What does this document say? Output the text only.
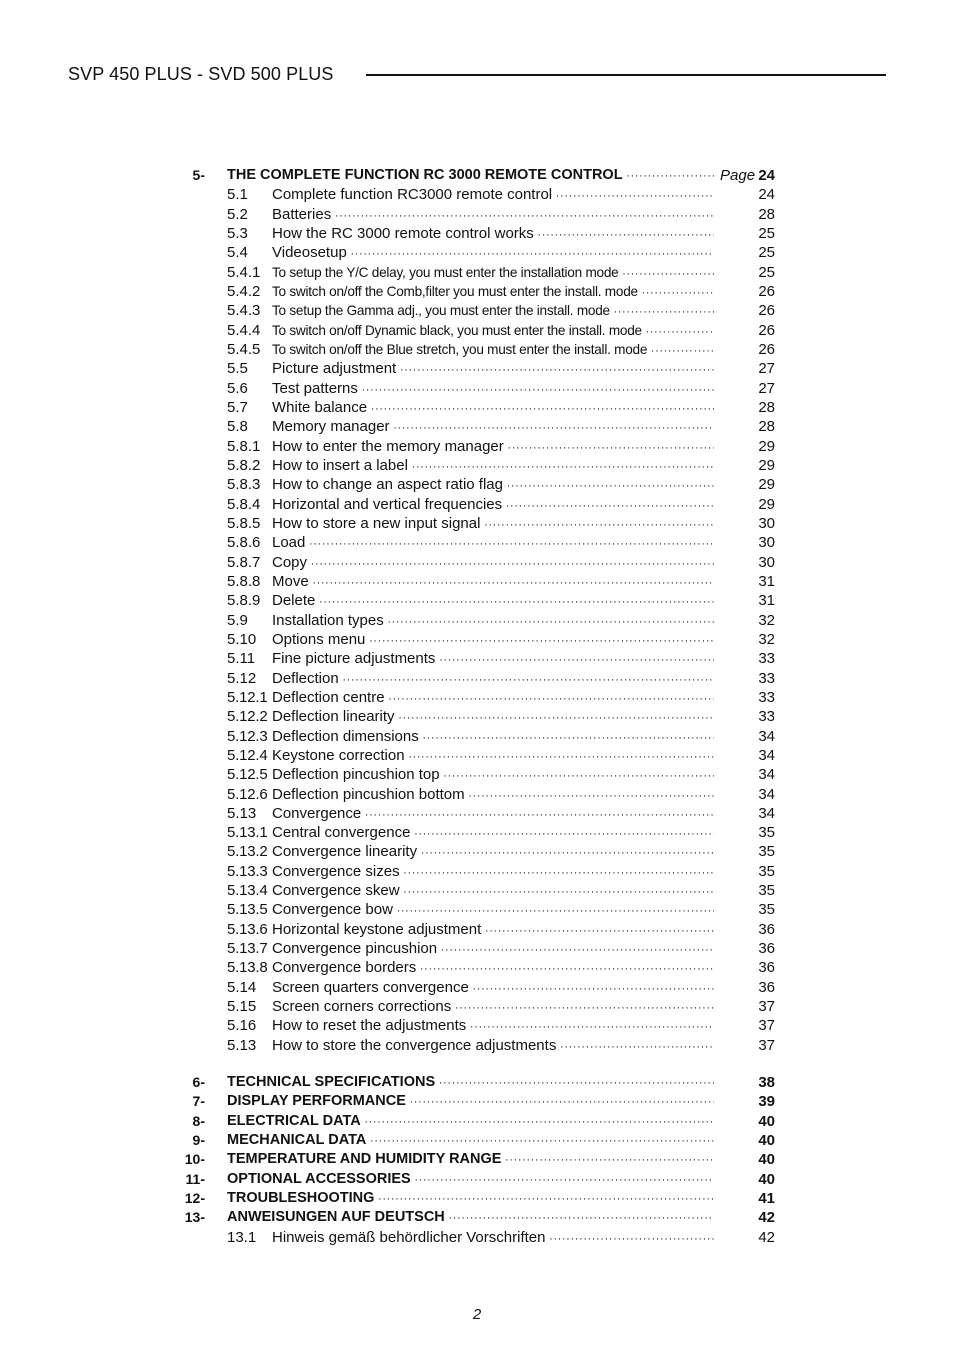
SVP 450 PLUS - SVD 500 PLUS
5- THE COMPLETE FUNCTION RC 3000 REMOTE CONTROL ·····	Page 24
5.1 Complete function RC3000 remote control ·····	24
5.2 Batteries ·····	28
5.3 How the RC 3000 remote control works ·····	25
5.4 Videosetup ·····	25
5.4.1 To setup the Y/C delay, you must enter the installation mode ·····	25
5.4.2 To switch on/off the Comb,filter you must enter the install. mode ·····	26
5.4.3 To setup the Gamma adj., you must enter the install. mode ·····	26
5.4.4 To switch on/off Dynamic black, you must enter the install. mode ·····	26
5.4.5 To switch on/off the Blue stretch, you must enter the install. mode ·····	26
5.5 Picture adjustment ·····	27
5.6 Test patterns ·····	27
5.7 White balance ·····	28
5.8 Memory manager ·····	28
5.8.1 How to enter the memory manager ·····	29
5.8.2 How to insert a label ·····	29
5.8.3 How to change an aspect ratio flag ·····	29
5.8.4 Horizontal and vertical frequencies ·····	29
5.8.5 How to store a new input signal ·····	30
5.8.6 Load ·····	30
5.8.7 Copy ·····	30
5.8.8 Move ·····	31
5.8.9 Delete ·····	31
5.9 Installation types ·····	32
5.10 Options menu ·····	32
5.11 Fine picture adjustments ·····	33
5.12 Deflection ·····	33
5.12.1 Deflection centre ·····	33
5.12.2 Deflection linearity ·····	33
5.12.3 Deflection dimensions ·····	34
5.12.4 Keystone correction ·····	34
5.12.5 Deflection pincushion top ·····	34
5.12.6 Deflection pincushion bottom ·····	34
5.13 Convergence ·····	34
5.13.1 Central convergence ·····	35
5.13.2 Convergence linearity ·····	35
5.13.3 Convergence sizes ·····	35
5.13.4 Convergence skew ·····	35
5.13.5 Convergence bow ·····	35
5.13.6 Horizontal keystone adjustment ·····	36
5.13.7 Convergence pincushion ·····	36
5.13.8 Convergence borders ·····	36
5.14 Screen quarters convergence ·····	36
5.15 Screen corners corrections ·····	37
5.16 How to reset the adjustments ·····	37
5.13 How to store the convergence adjustments ·····	37
6- TECHNICAL SPECIFICATIONS ·····	38
7- DISPLAY PERFORMANCE ·····	39
8- ELECTRICAL DATA ·····	40
9- MECHANICAL DATA ·····	40
10- TEMPERATURE AND HUMIDITY RANGE ·····	40
11- OPTIONAL ACCESSORIES ·····	40
12- TROUBLESHOOTING ·····	41
13- ANWEISUNGEN AUF DEUTSCH ·····	42
13.1 Hinweis gemäß behördlicher Vorschriften ·····	42
2
